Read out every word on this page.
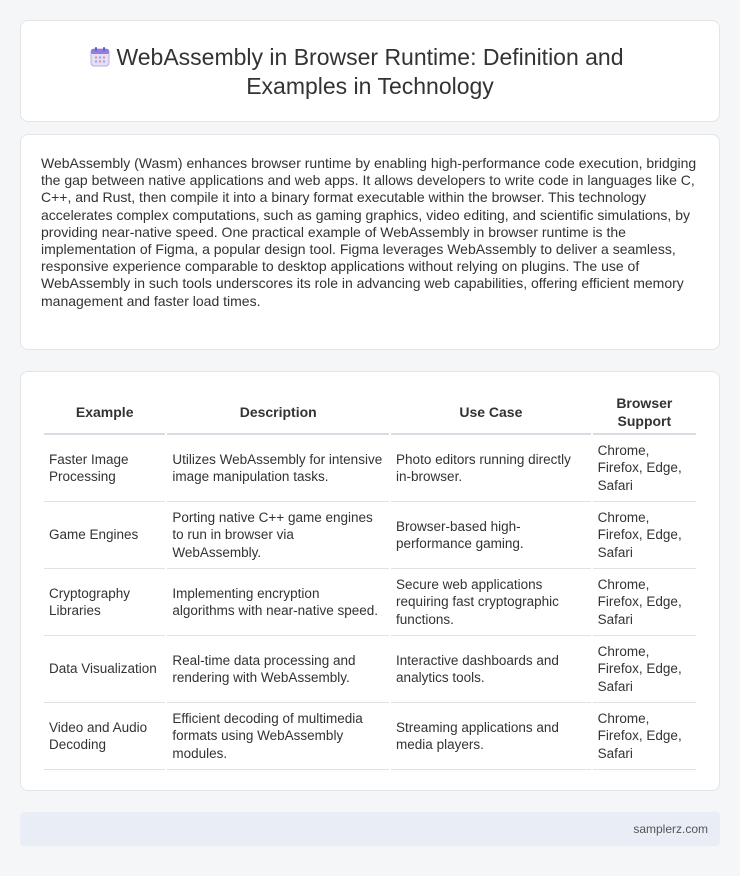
WebAssembly in Browser Runtime: Definition and Examples in Technology

WebAssembly (Wasm) enhances browser runtime by enabling high-performance code execution, bridging the gap between native applications and web apps. It allows developers to write code in languages like C, C++, and Rust, then compile it into a binary format executable within the browser. This technology accelerates complex computations, such as gaming graphics, video editing, and scientific simulations, by providing near-native speed. One practical example of WebAssembly in browser runtime is the implementation of Figma, a popular design tool. Figma leverages WebAssembly to deliver a seamless, responsive experience comparable to desktop applications without relying on plugins. The use of WebAssembly in such tools underscores its role in advancing web capabilities, offering efficient memory management and faster load times.

Example	Description	Use Case	Browser Support
Faster Image Processing	Utilizes WebAssembly for intensive image manipulation tasks.	Photo editors running directly in-browser.	Chrome, Firefox, Edge, Safari
Game Engines	Porting native C++ game engines to run in browser via WebAssembly.	Browser-based high-performance gaming.	Chrome, Firefox, Edge, Safari
Cryptography Libraries	Implementing encryption algorithms with near-native speed.	Secure web applications requiring fast cryptographic functions.	Chrome, Firefox, Edge, Safari
Data Visualization	Real-time data processing and rendering with WebAssembly.	Interactive dashboards and analytics tools.	Chrome, Firefox, Edge, Safari
Video and Audio Decoding	Efficient decoding of multimedia formats using WebAssembly modules.	Streaming applications and media players.	Chrome, Firefox, Edge, Safari
samplerz.com
